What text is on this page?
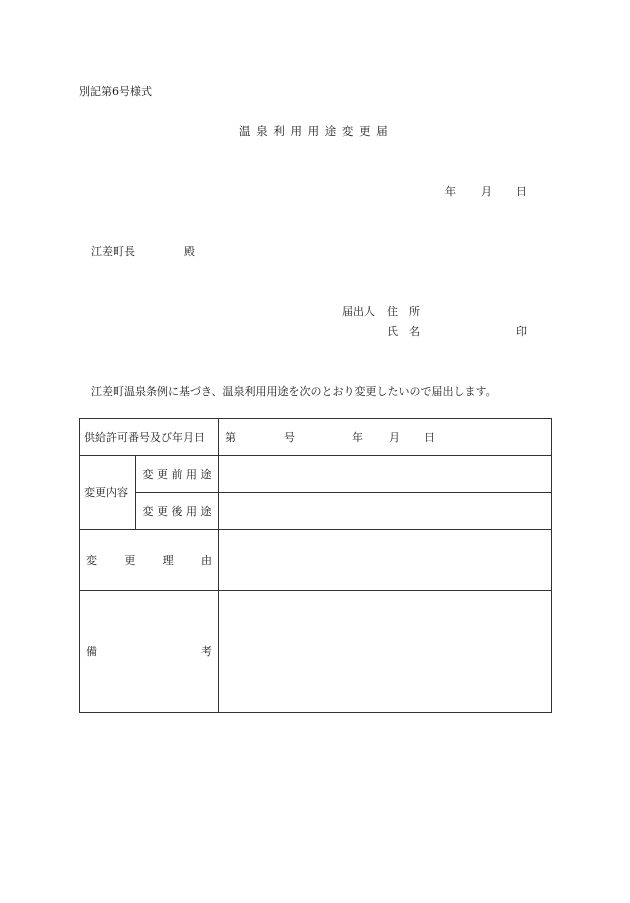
別記第6号様式
温 泉 利 用 用 途 変 更 届
年 月 日
江差町長	殿
届出人 住　所
氏　名	印
江差町温泉条例に基づき、温泉利用用途を次のとおり変更したいので届出します。
供給許可番号及び年月日		第 号 年 月 日

変更内容	変 更 前 用 途	
	変 更 後 用 途	

変 更 理 由		

備 考		
